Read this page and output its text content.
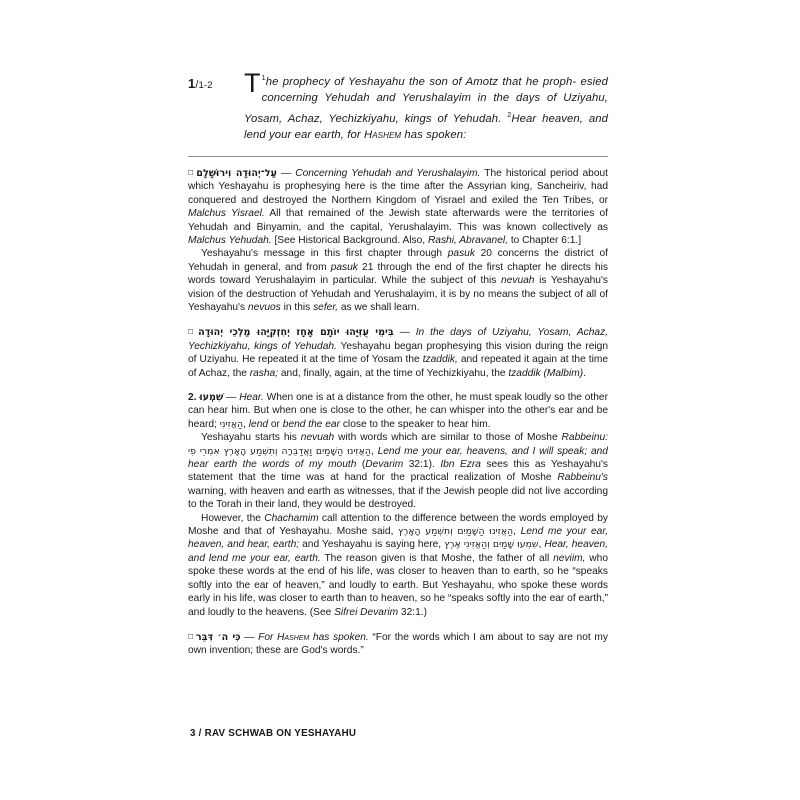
1/1-2
$^1$
T he prophecy of Yeshayahu the son of Amotz that he proph- esied concerning Yehudah and Yerushalayim in the days of Uziyahu, Yosam, Achaz, Yechizkiyahu, kings of Yehudah. $^2$Hear heaven, and lend your ear earth, for Hashem has spoken:

□ עַל־יְהוּדָה וִירוּשָׁלִָם — Concerning Yehudah and Yerushalayim. The historical period about which Yeshayahu is prophesying here is the time after the Assyrian king, Sancheiriv, had conquered and destroyed the Northern Kingdom of Yisrael and exiled the Ten Tribes, or Malchus Yisrael. All that remained of the Jewish state afterwards were the territories of Yehudah and Binyamin, and the capital, Yerushalayim. This was known collectively as Malchus Yehudah. [See Historical Background. Also, Rashi, Abravanel, to Chapter 6:1.]

Yeshayahu's message in this first chapter through pasuk 20 concerns the district of Yehudah in general, and from pasuk 21 through the end of the first chapter he directs his words toward Yerushalayim in particular. While the subject of this nevuah is Yeshayahu's vision of the destruction of Yehudah and Yerushalayim, it is by no means the subject of all of Yeshayahu's nevuos in this sefer, as we shall learn.

□ בִּימֵי עֻזִּיָּהוּ יוֹתָם אָחָז יְחִזְקִיָּהוּ מַלְכֵי יְהוּדָה — In the days of Uziyahu, Yosam, Achaz, Yechizkiyahu, kings of Yehudah. Yeshayahu began prophesying this vision during the reign of Uziyahu. He repeated it at the time of Yosam the tzaddik, and repeated it again at the time of Achaz, the rasha; and, finally, again, at the time of Yechizkiyahu, the tzaddik (Malbim).

2. שִׁמְעוּ — Hear. When one is at a distance from the other, he must speak loudly so the other can hear him. But when one is close to the other, he can whisper into the other's ear and be heard; הַאֲזִינִי, lend or bend the ear close to the speaker to hear him.

Yeshayahu starts his nevuah with words which are similar to those of Moshe Rabbeinu: הַאֲזִינוּ הַשָּׁמַיִם וַאֲדַבֵּרָה וְתִשְׁמַע הָאָרֶץ אִמְרֵי פִי, Lend me your ear, heavens, and I will speak; and hear earth the words of my mouth (Devarim 32:1). Ibn Ezra sees this as Yeshayahu's statement that the time was at hand for the practical realization of Moshe Rabbeinu's warning, with heaven and earth as witnesses, that if the Jewish people did not live according to the Torah in their land, they would be destroyed.

However, the Chachamim call attention to the difference between the words employed by Moshe and that of Yeshayahu. Moshe said, הַאֲזִינוּ הַשָּׁמַיִם וְתִשְׁמַע הָאָרֶץ, Lend me your ear, heaven, and hear, earth; and Yeshayahu is saying here, שִׁמְעוּ שָׁמַיִם וְהַאֲזִינִי אֶרֶץ, Hear, heaven, and lend me your ear, earth. The reason given is that Moshe, the father of all neviim, who spoke these words at the end of his life, was closer to heaven than to earth, so he “speaks softly into the ear of heaven,” and loudly to earth. But Yeshayahu, who spoke these words early in his life, was closer to earth than to heaven, so he “speaks softly into the ear of earth,” and loudly to the heavens. (See Sifrei Devarim 32:1.)

□ כִּי ה׳ דִּבֵּר — For Hashem has spoken. “For the words which I am about to say are not my own invention; these are God's words.”

3 / RAV SCHWAB ON YESHAYAHU
